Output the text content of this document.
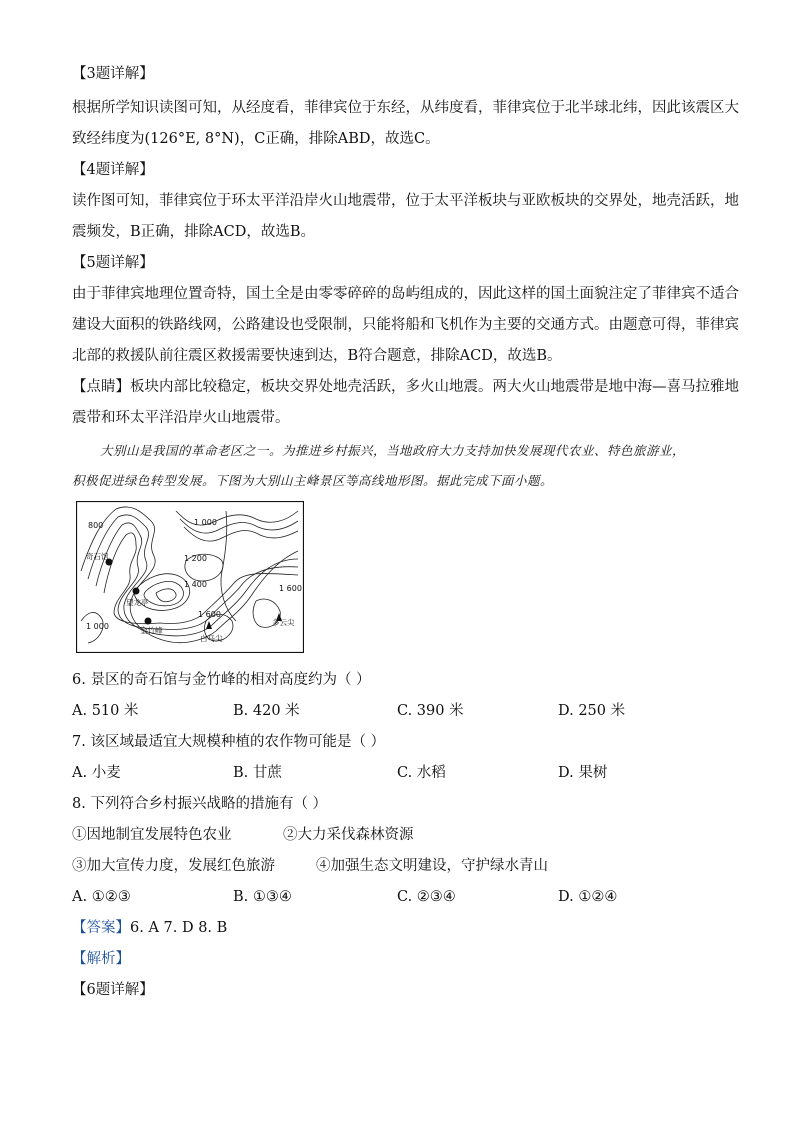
【3题详解】
根据所学知识读图可知，从经度看，菲律宾位于东经，从纬度看，菲律宾位于北半球北纬，因此该震区大
致经纬度为(126°E, 8°N)，C正确，排除ABD，故选C。
【4题详解】
读作图可知，菲律宾位于环太平洋沿岸火山地震带，位于太平洋板块与亚欧板块的交界处，地壳活跃，地
震频发，B正确，排除ACD，故选B。
【5题详解】
由于菲律宾地理位置奇特，国土全是由零零碎碎的岛屿组成的，因此这样的国土面貌注定了菲律宾不适合
建设大面积的铁路线网，公路建设也受限制，只能将船和飞机作为主要的交通方式。由题意可得，菲律宾
北部的救援队前往震区救援需要快速到达，B符合题意，排除ACD，故选B。
【点睛】板块内部比较稳定，板块交界处地壳活跃，多火山地震。两大火山地震带是地中海—喜马拉雅地
震带和环太平洋沿岸火山地震带。
大别山是我国的革命老区之一。为推进乡村振兴，当地政府大力支持加快发展现代农业、特色旅游业，
积极促进绿色转型发展。下图为大别山主峰景区等高线地形图。据此完成下面小题。
800	1 000
1 200
1 400
1 600
1 000
1 600
奇石馆
望龙亭
金竹峰
白马尖
多云尖
6. 景区的奇石馆与金竹峰的相对高度约为（ ）
A. 510 米	B. 420 米	C. 390 米	D. 250 米
7. 该区域最适宜大规模种植的农作物可能是（ ）
A. 小麦	B. 甘蔗	C. 水稻	D. 果树
8. 下列符合乡村振兴战略的措施有（ ）
①因地制宜发展特色农业	②大力采伐森林资源
③加大宣传力度，发展红色旅游	④加强生态文明建设，守护绿水青山
A. ①②③	B. ①③④	C. ②③④	D. ①②④
【答案】6. A 7. D 8. B
【解析】
【6题详解】
